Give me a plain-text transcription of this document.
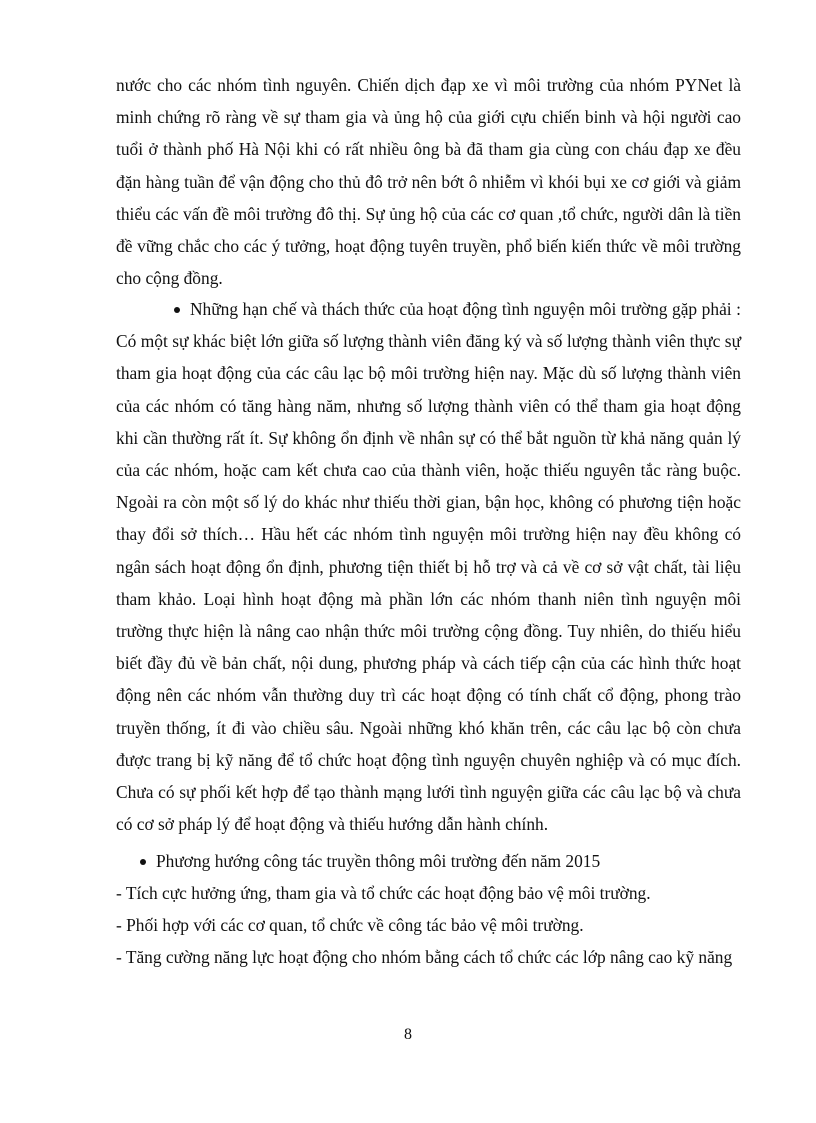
nước cho các nhóm tình nguyên. Chiến dịch đạp xe vì môi trường của nhóm PYNet là minh chứng rõ ràng về sự tham gia và ủng hộ của giới cựu chiến binh và hội người cao tuổi ở thành phố Hà Nội khi có rất nhiều ông bà đã tham gia cùng con cháu đạp xe đều đặn hàng tuần để vận động cho thủ đô trở nên bớt ô nhiễm vì khói bụi xe cơ giới và giảm thiểu các vấn đề môi trường đô thị. Sự ủng hộ của các cơ quan ,tổ chức, người dân là tiền đề vững chắc cho các ý tưởng, hoạt động tuyên truyền, phổ biến kiến thức về môi trường cho cộng đồng.
Những hạn chế và thách thức của hoạt động tình nguyện môi trường gặp phải : Có một sự khác biệt lớn giữa số lượng thành viên đăng ký và số lượng thành viên thực sự tham gia hoạt động của các câu lạc bộ môi trường hiện nay. Mặc dù số lượng thành viên của các nhóm có tăng hàng năm, nhưng số lượng thành viên có thể tham gia hoạt động khi cần thường rất ít. Sự không ổn định về nhân sự có thể bắt nguồn từ khả năng quản lý của các nhóm, hoặc cam kết chưa cao của thành viên, hoặc thiếu nguyên tắc ràng buộc. Ngoài ra còn một số lý do khác như thiếu thời gian, bận học, không có phương tiện hoặc thay đổi sở thích… Hầu hết các nhóm tình nguyện môi trường hiện nay đều không có ngân sách hoạt động ổn định, phương tiện thiết bị hỗ trợ và cả về cơ sở vật chất, tài liệu tham khảo. Loại hình hoạt động mà phần lớn các nhóm thanh niên tình nguyện môi trường thực hiện là nâng cao nhận thức môi trường cộng đồng. Tuy nhiên, do thiếu hiểu biết đầy đủ về bản chất, nội dung, phương pháp và cách tiếp cận của các hình thức hoạt động nên các nhóm vẫn thường duy trì các hoạt động có tính chất cổ động, phong trào truyền thống, ít đi vào chiều sâu. Ngoài những khó khăn trên, các câu lạc bộ còn chưa được trang bị kỹ năng để tổ chức hoạt động tình nguyện chuyên nghiệp và có mục đích. Chưa có sự phối kết hợp để tạo thành mạng lưới tình nguyện giữa các câu lạc bộ và chưa có cơ sở pháp lý để hoạt động và thiếu hướng dẫn hành chính.
Phương hướng công tác truyền thông môi trường đến năm 2015
- Tích cực hưởng ứng, tham gia và tổ chức các hoạt động bảo vệ môi trường.
- Phối hợp với các cơ quan, tổ chức về công tác bảo vệ môi trường.
- Tăng cường năng lực hoạt động cho nhóm bằng cách tổ chức các lớp nâng cao kỹ năng
8
